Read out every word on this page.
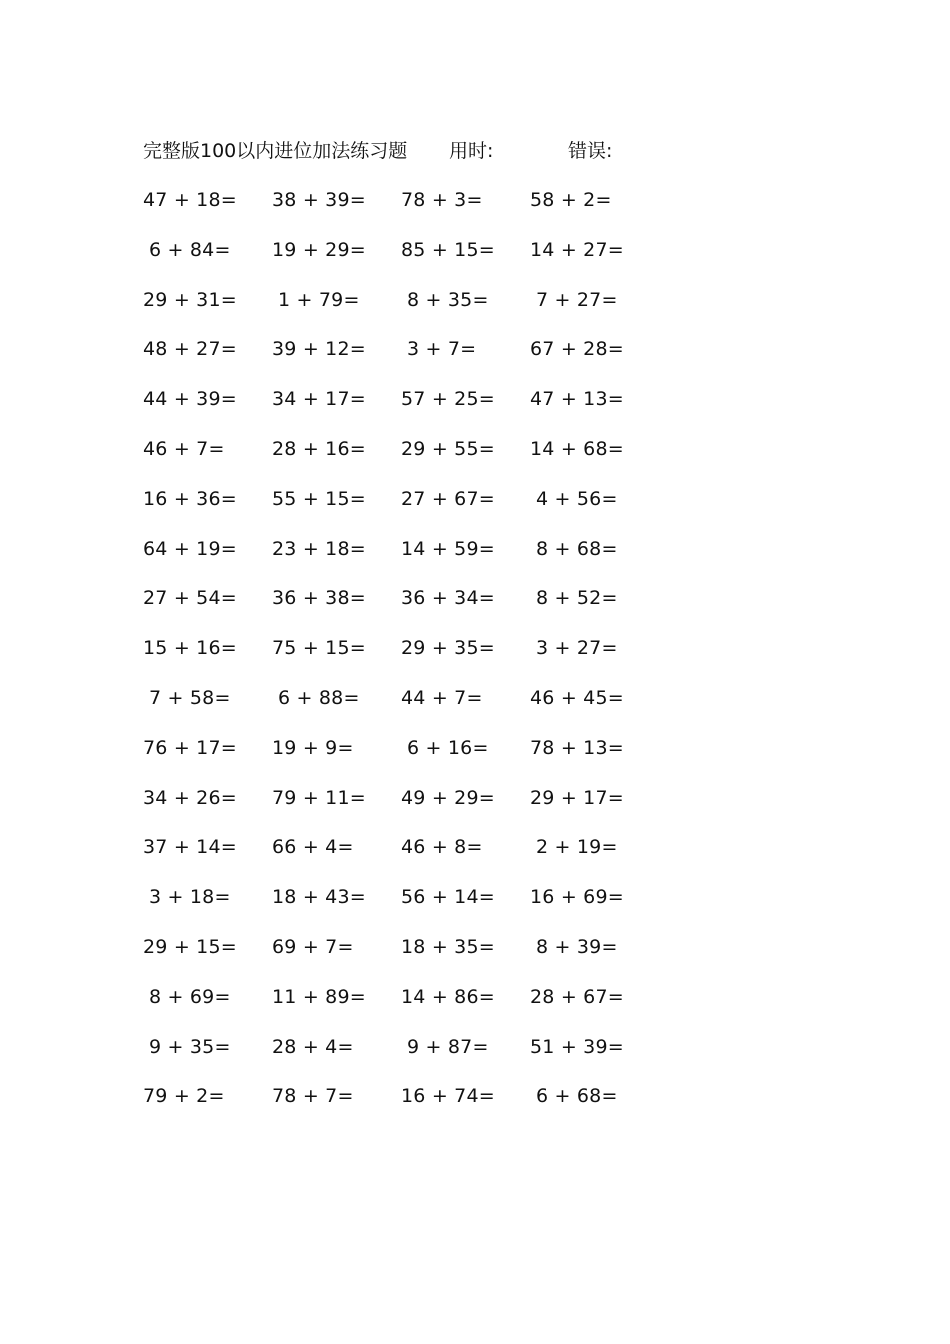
完整版100以内进位加法练习题 用时:	错误:
47 + 18= 38 + 39= 78 + 3= 58 + 2=
6 + 84= 19 + 29= 85 + 15= 14 + 27=
29 + 31= 1 + 79= 8 + 35= 7 + 27=
48 + 27= 39 + 12= 3 + 7=	67 + 28=
44 + 39= 34 + 17= 57 + 25= 47 + 13=
46 + 7= 28 + 16= 29 + 55= 14 + 68=
16 + 36= 55 + 15= 27 + 67= 4 + 56=
64 + 19= 23 + 18= 14 + 59= 8 + 68=
27 + 54= 36 + 38= 36 + 34= 8 + 52=
15 + 16= 75 + 15= 29 + 35= 3 + 27=
7 + 58= 6 + 88= 44 + 7= 46 + 45=
76 + 17= 19 + 9=	6 + 16= 78 + 13=
34 + 26= 79 + 11= 49 + 29= 29 + 17=
37 + 14= 66 + 4= 46 + 8=	2 + 19=
3 + 18= 18 + 43= 56 + 14= 16 + 69=
29 + 15= 69 + 7= 18 + 35= 8 + 39=
8 + 69= 11 + 89= 14 + 86= 28 + 67=
9 + 35= 28 + 4=	9 + 87= 51 + 39=
79 + 2= 78 + 7= 16 + 74= 6 + 68=
